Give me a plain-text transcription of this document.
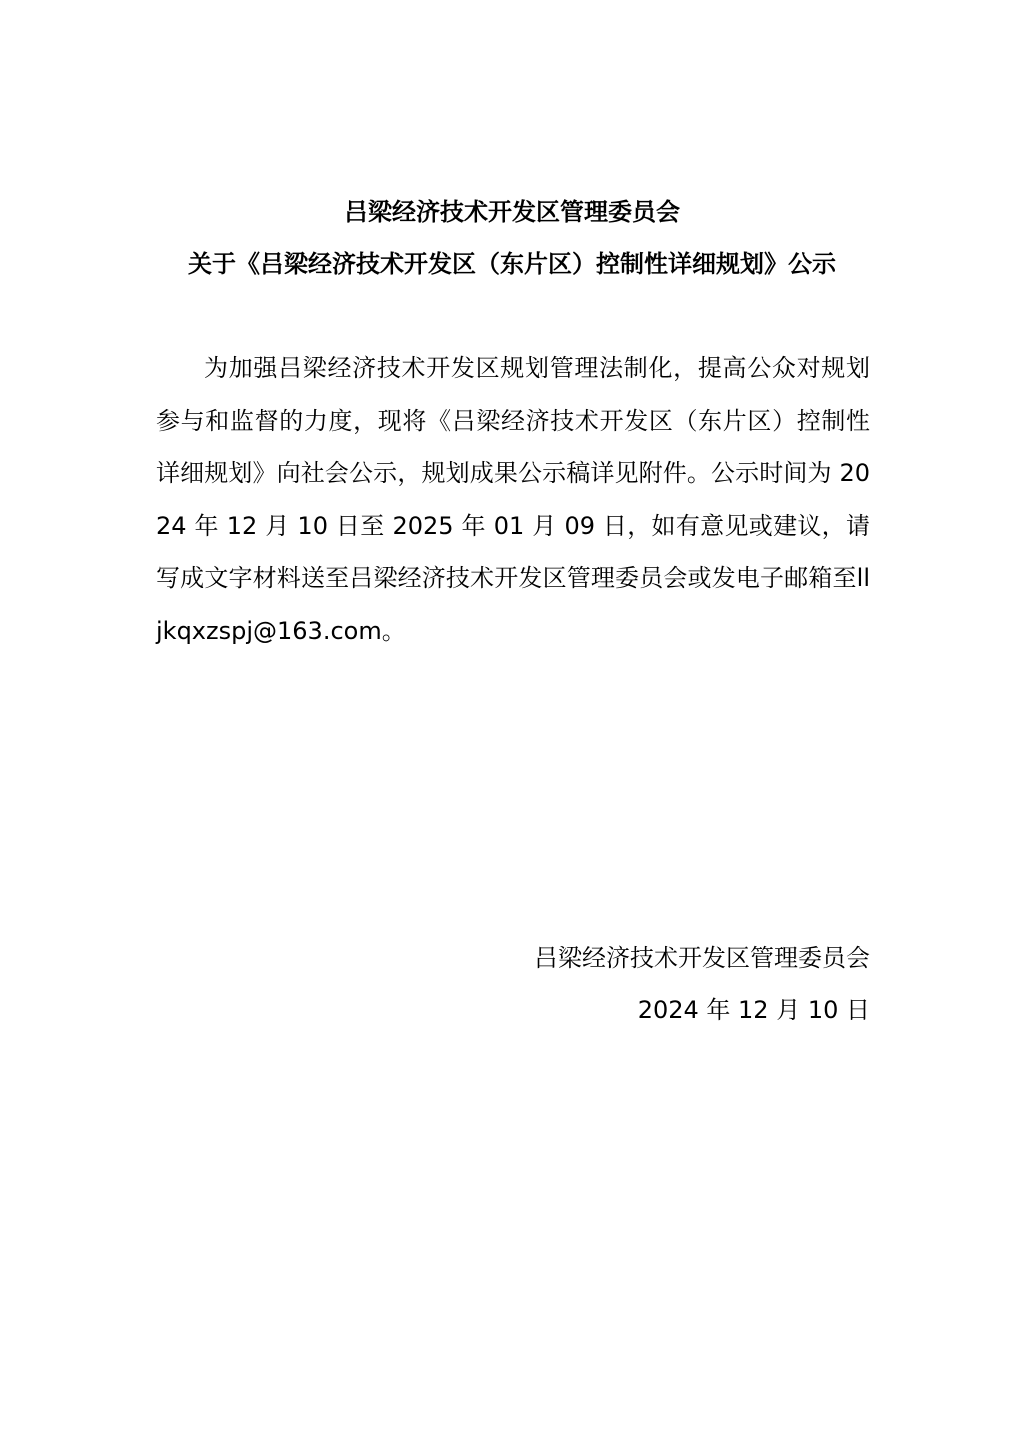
吕梁经济技术开发区管理委员会
关于《吕梁经济技术开发区（东片区）控制性详细规划》公示
为加强吕梁经济技术开发区规划管理法制化，提高公众对规划参与和监督的力度，现将《吕梁经济技术开发区（东片区）控制性详细规划》向社会公示，规划成果公示稿详见附件。公示时间为 2024 年 12 月 10 日至 2025 年 01 月 09 日，如有意见或建议，请写成文字材料送至吕梁经济技术开发区管理委员会或发电子邮箱至lljkqxzspj@163.com。
吕梁经济技术开发区管理委员会
2024 年 12 月 10 日
